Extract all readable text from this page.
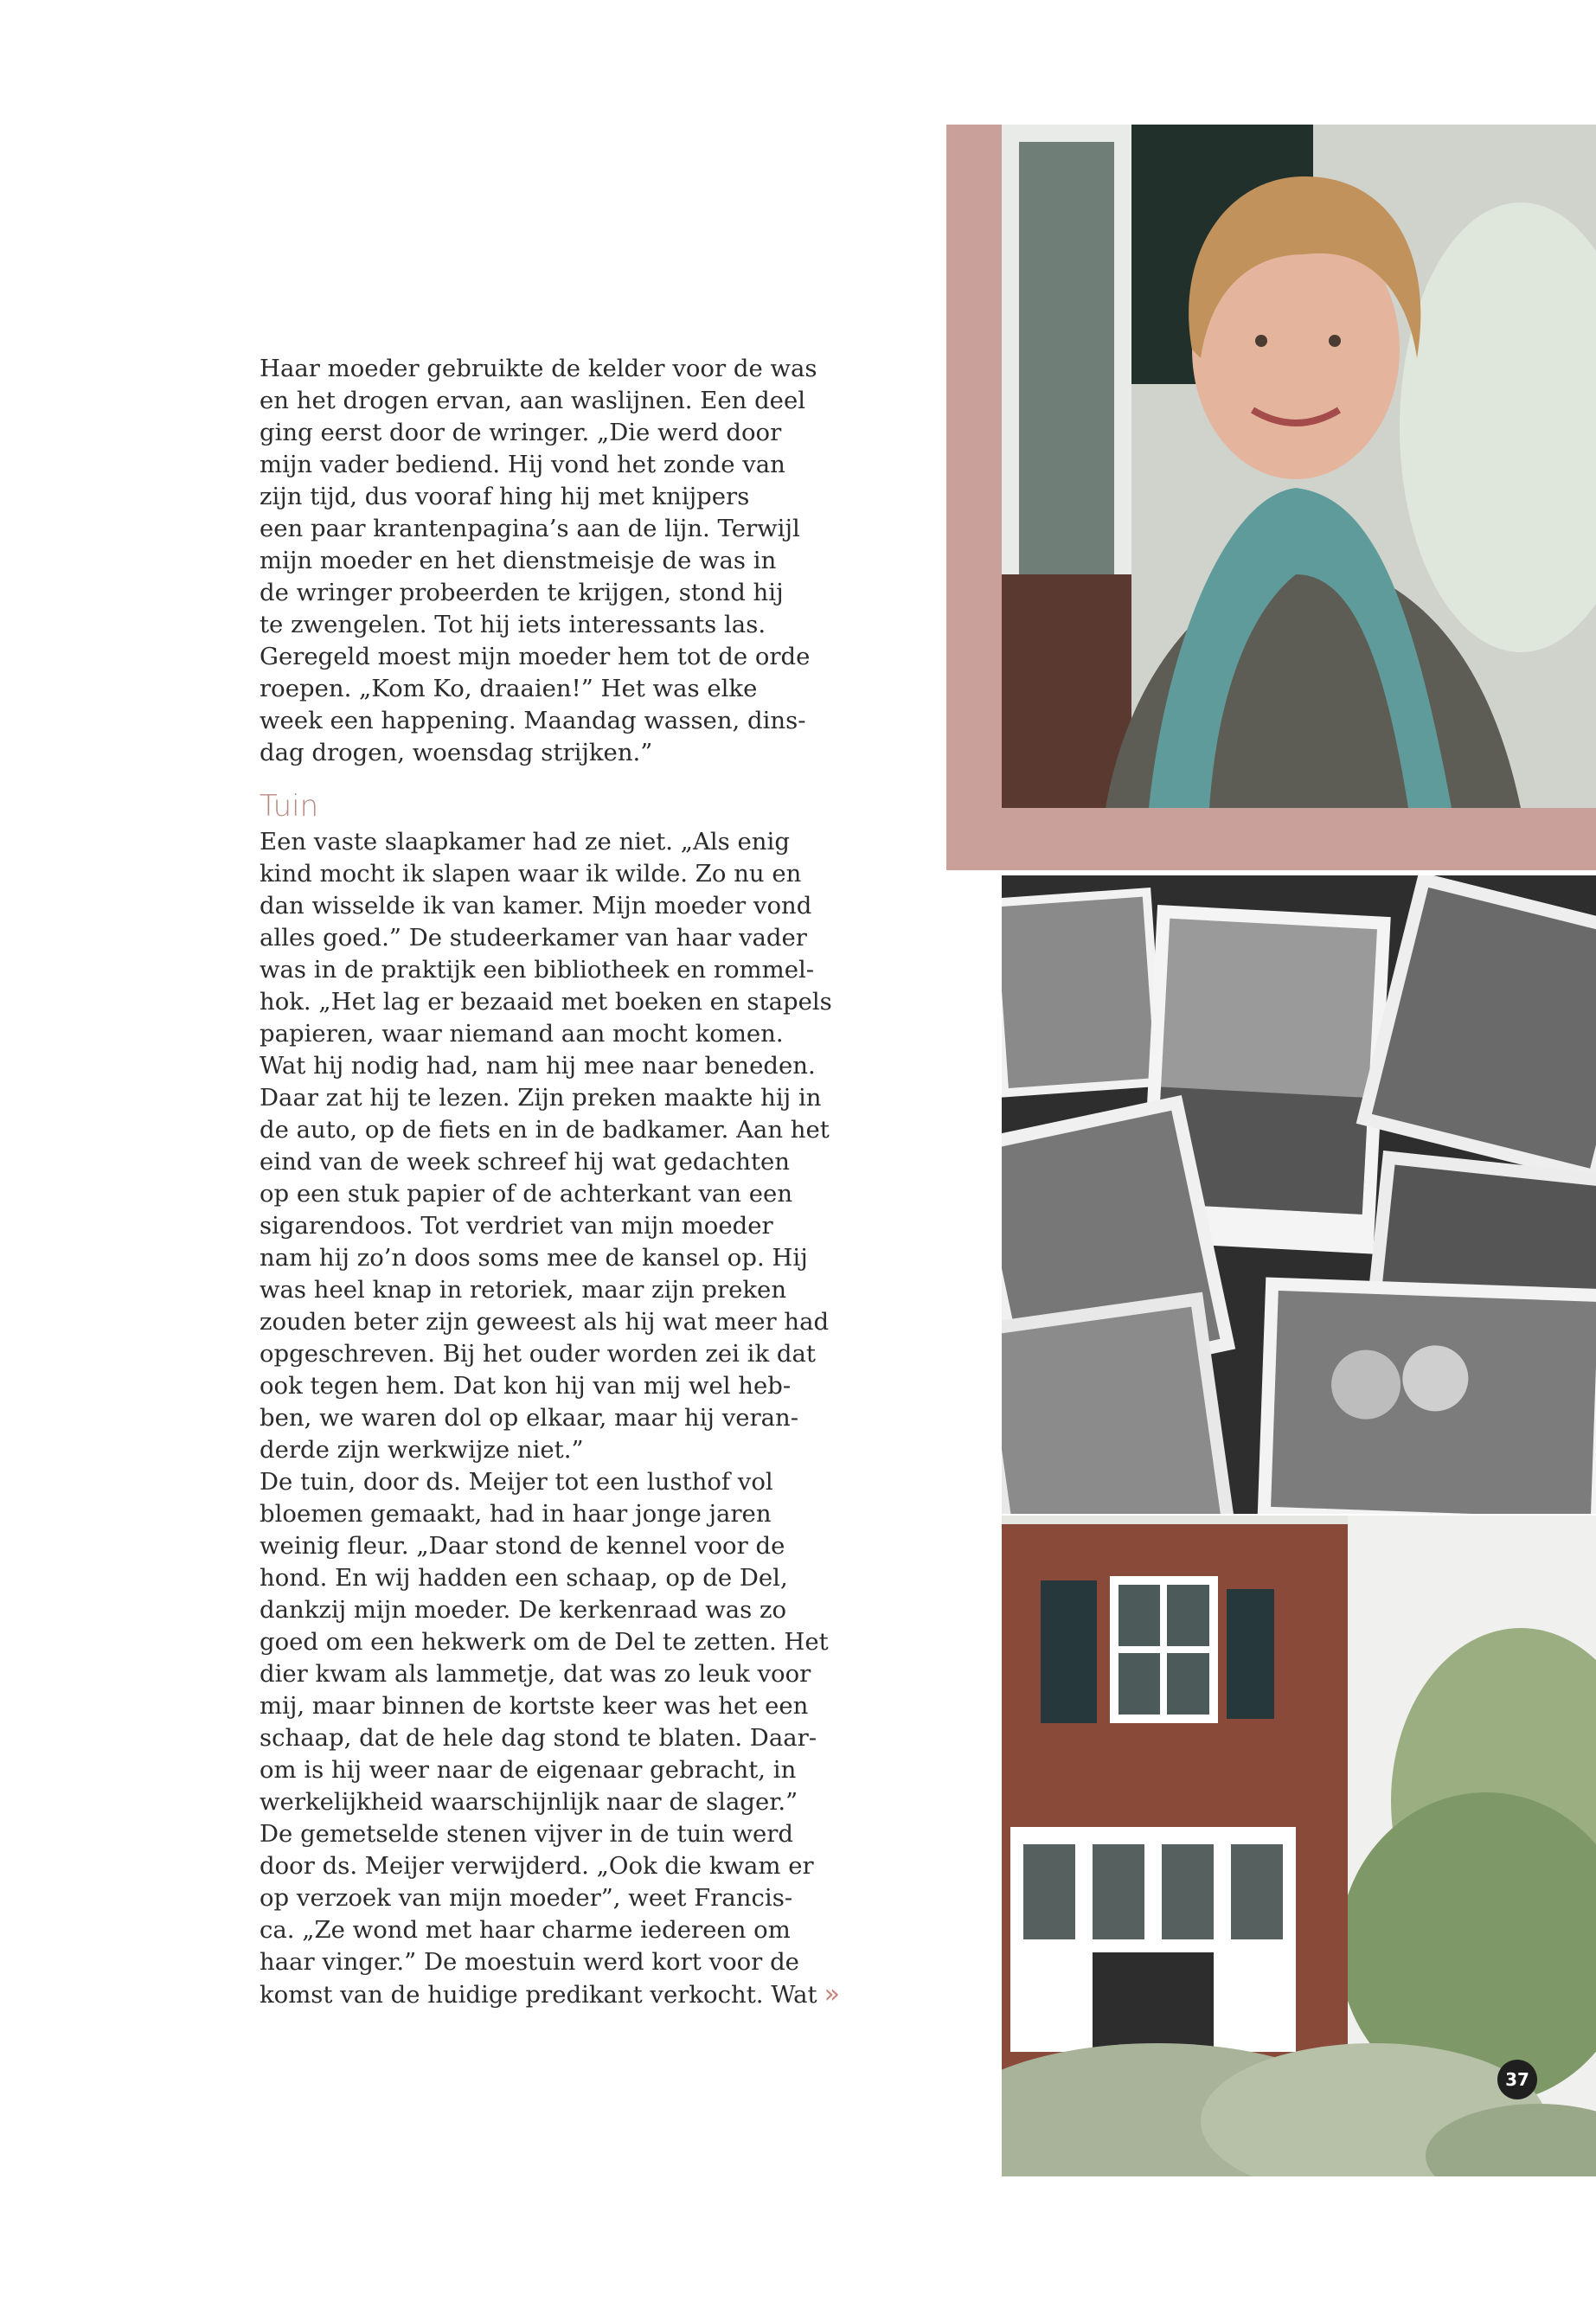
37

Haar moeder gebruikte de kelder voor de was

en het drogen ervan, aan waslijnen. Een deel

ging eerst door de wringer. „Die werd door

mijn vader bediend. Hij vond het zonde van

zijn tijd, dus vooraf hing hij met knijpers

een paar krantenpagina’s aan de lijn. Terwijl

mijn moeder en het dienstmeisje de was in

de wringer probeerden te krijgen, stond hij

te zwengelen. Tot hij iets interessants las.

Geregeld moest mijn moeder hem tot de orde

roepen. „Kom Ko, draaien!” Het was elke

week een happening. Maandag wassen, dins-

dag drogen, woensdag strijken.”

Tuin

Een vaste slaapkamer had ze niet. „Als enig

kind mocht ik slapen waar ik wilde. Zo nu en

dan wisselde ik van kamer. Mijn moeder vond

alles goed.” De studeerkamer van haar vader

was in de praktijk een bibliotheek en rommel-

hok. „Het lag er bezaaid met boeken en stapels

papieren, waar niemand aan mocht komen.

Wat hij nodig had, nam hij mee naar beneden.

Daar zat hij te lezen. Zijn preken maakte hij in

de auto, op de fiets en in de badkamer. Aan het

eind van de week schreef hij wat gedachten

op een stuk papier of de achterkant van een

sigarendoos. Tot verdriet van mijn moeder

nam hij zo’n doos soms mee de kansel op. Hij

was heel knap in retoriek, maar zijn preken

zouden beter zijn geweest als hij wat meer had

opgeschreven. Bij het ouder worden zei ik dat

ook tegen hem. Dat kon hij van mij wel heb-

ben, we waren dol op elkaar, maar hij veran-

derde zijn werkwijze niet.”

De tuin, door ds. Meijer tot een lusthof vol

bloemen gemaakt, had in haar jonge jaren

weinig fleur. „Daar stond de kennel voor de

hond. En wij hadden een schaap, op de Del,

dankzij mijn moeder. De kerkenraad was zo

goed om een hekwerk om de Del te zetten. Het

dier kwam als lammetje, dat was zo leuk voor

mij, maar binnen de kortste keer was het een

schaap, dat de hele dag stond te blaten. Daar-

om is hij weer naar de eigenaar gebracht, in

werkelijkheid waarschijnlijk naar de slager.”

De gemetselde stenen vijver in de tuin werd

door ds. Meijer verwijderd. „Ook die kwam er

op verzoek van mijn moeder”, weet Francis-

ca. „Ze wond met haar charme iedereen om

haar vinger.” De moestuin werd kort voor de

komst van de huidige predikant verkocht. Wat »
